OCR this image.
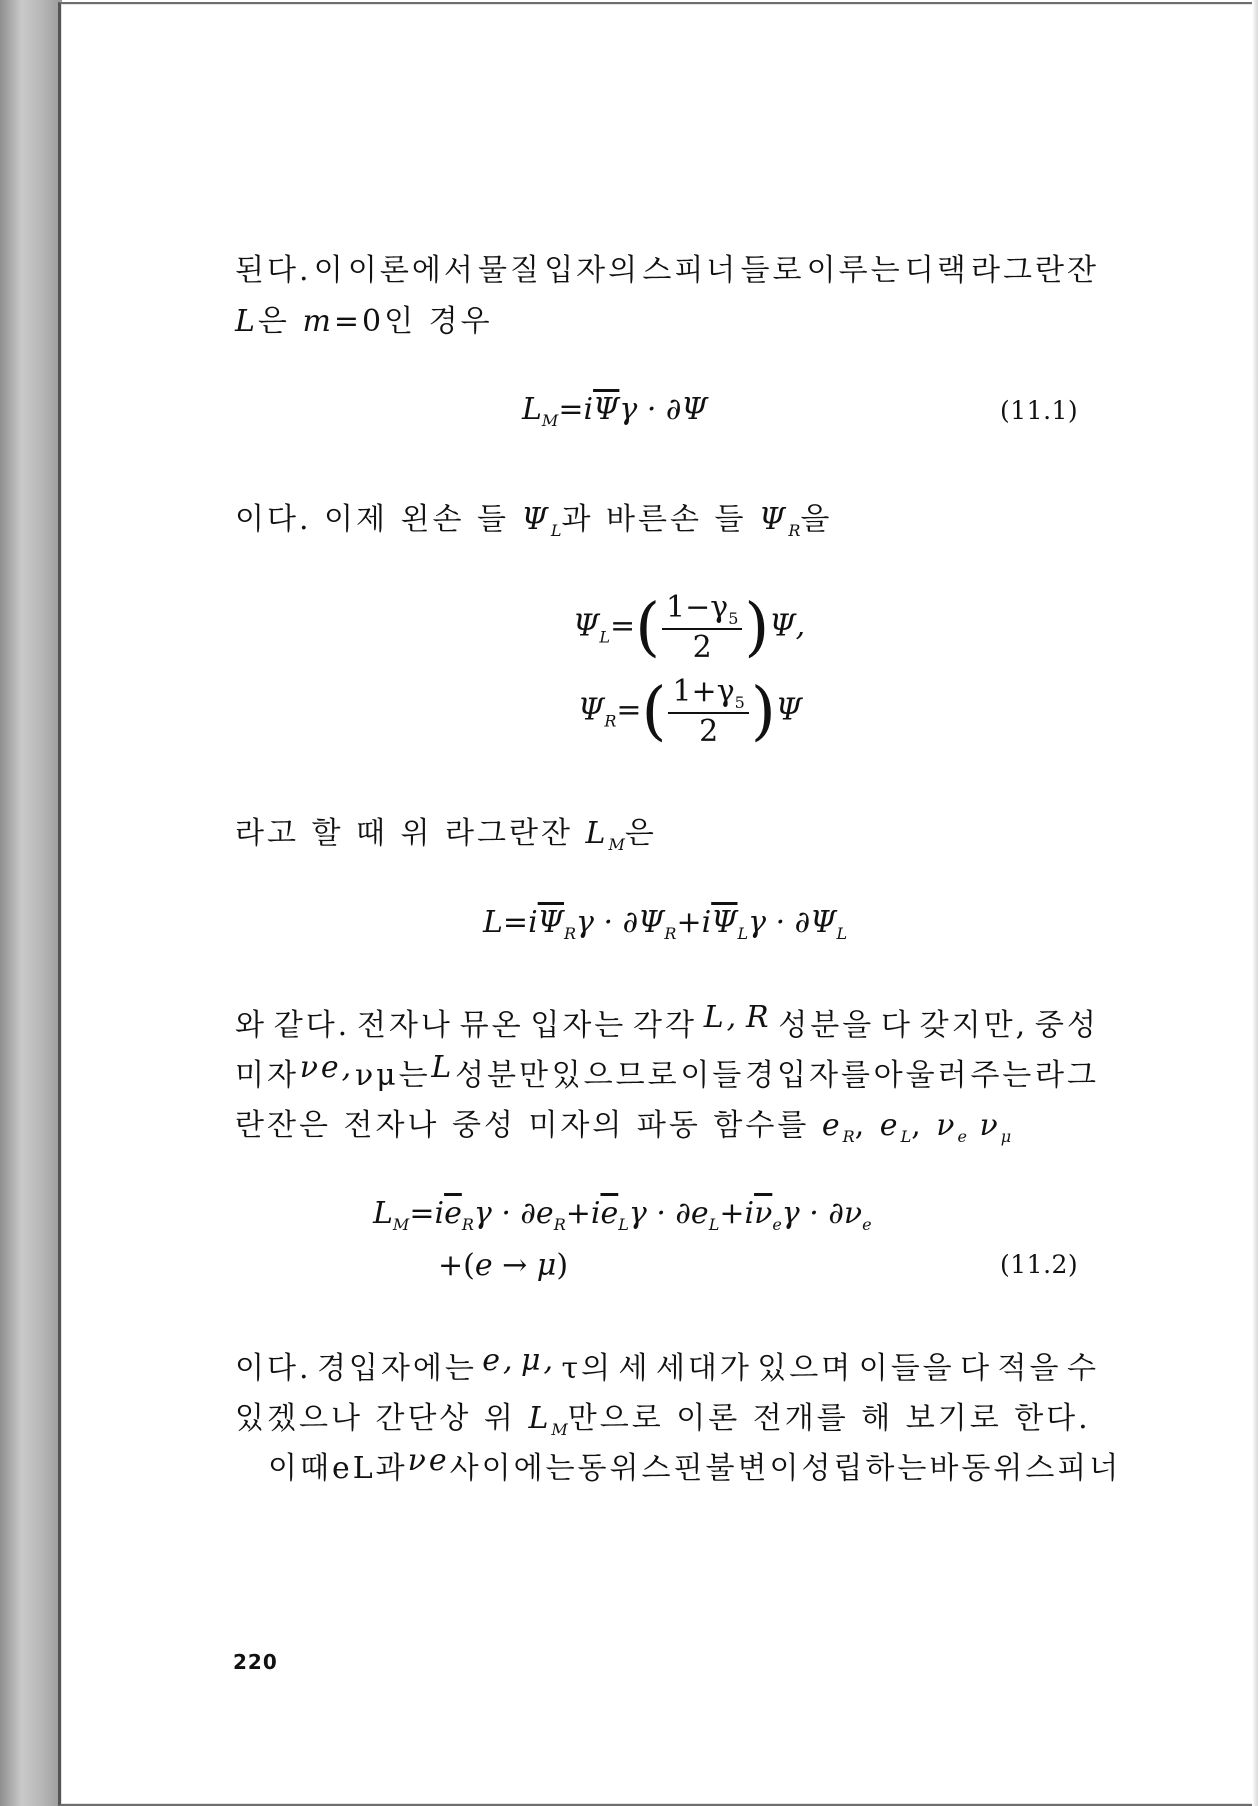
된다. 이 이론에서 물질 입자의 스피너 들로 이루는 디랙 라그란잔
L은 m=0인 경우
$L_M=i\overline{\Psi}\gamma \cdot \partial\Psi$	(11.1)
이다. 이제 왼손 들 $\Psi_L$과 바른손 들 $\Psi_R$을
$\Psi_L=( \frac{1-\gamma_5}{2} )\Psi$,
$\Psi_R=( \frac{1+\gamma_5}{2} )\Psi$
라고 할 때 위 라그란잔 $L_M$은
$L=i\overline{\Psi}_R\gamma \cdot \partial\Psi_R+i\overline{\Psi}_L\gamma \cdot \partial\Psi_L$
와 같다. 전자나 뮤온 입자는 각각 L, R 성분을 다 갖지만, 중성
미자 νe, νμ는 L 성분만 있으므로 이들 경입자를 아울러 주는 라그
란잔은 전자나 중성 미자의 파동 함수를 $e_R$, $e_L$, $\nu_e$ $\nu_\mu$
$L_M=i\overline{e}_R\gamma \cdot \partial e_R+i\overline{e}_L\gamma \cdot \partial e_L+i\overline{\nu}_e\gamma \cdot \partial\nu_e$
+(e → μ)	(11.2)
이다. 경입자에는 e, μ, τ의 세 세대가 있으며 이들을 다 적을 수
있겠으나 간단상 위 $L_M$만으로 이론 전개를 해 보기로 한다.
이 때 eL과 νe 사이에는 동위 스핀 불변이 성립하는바 동위 스피너
220
